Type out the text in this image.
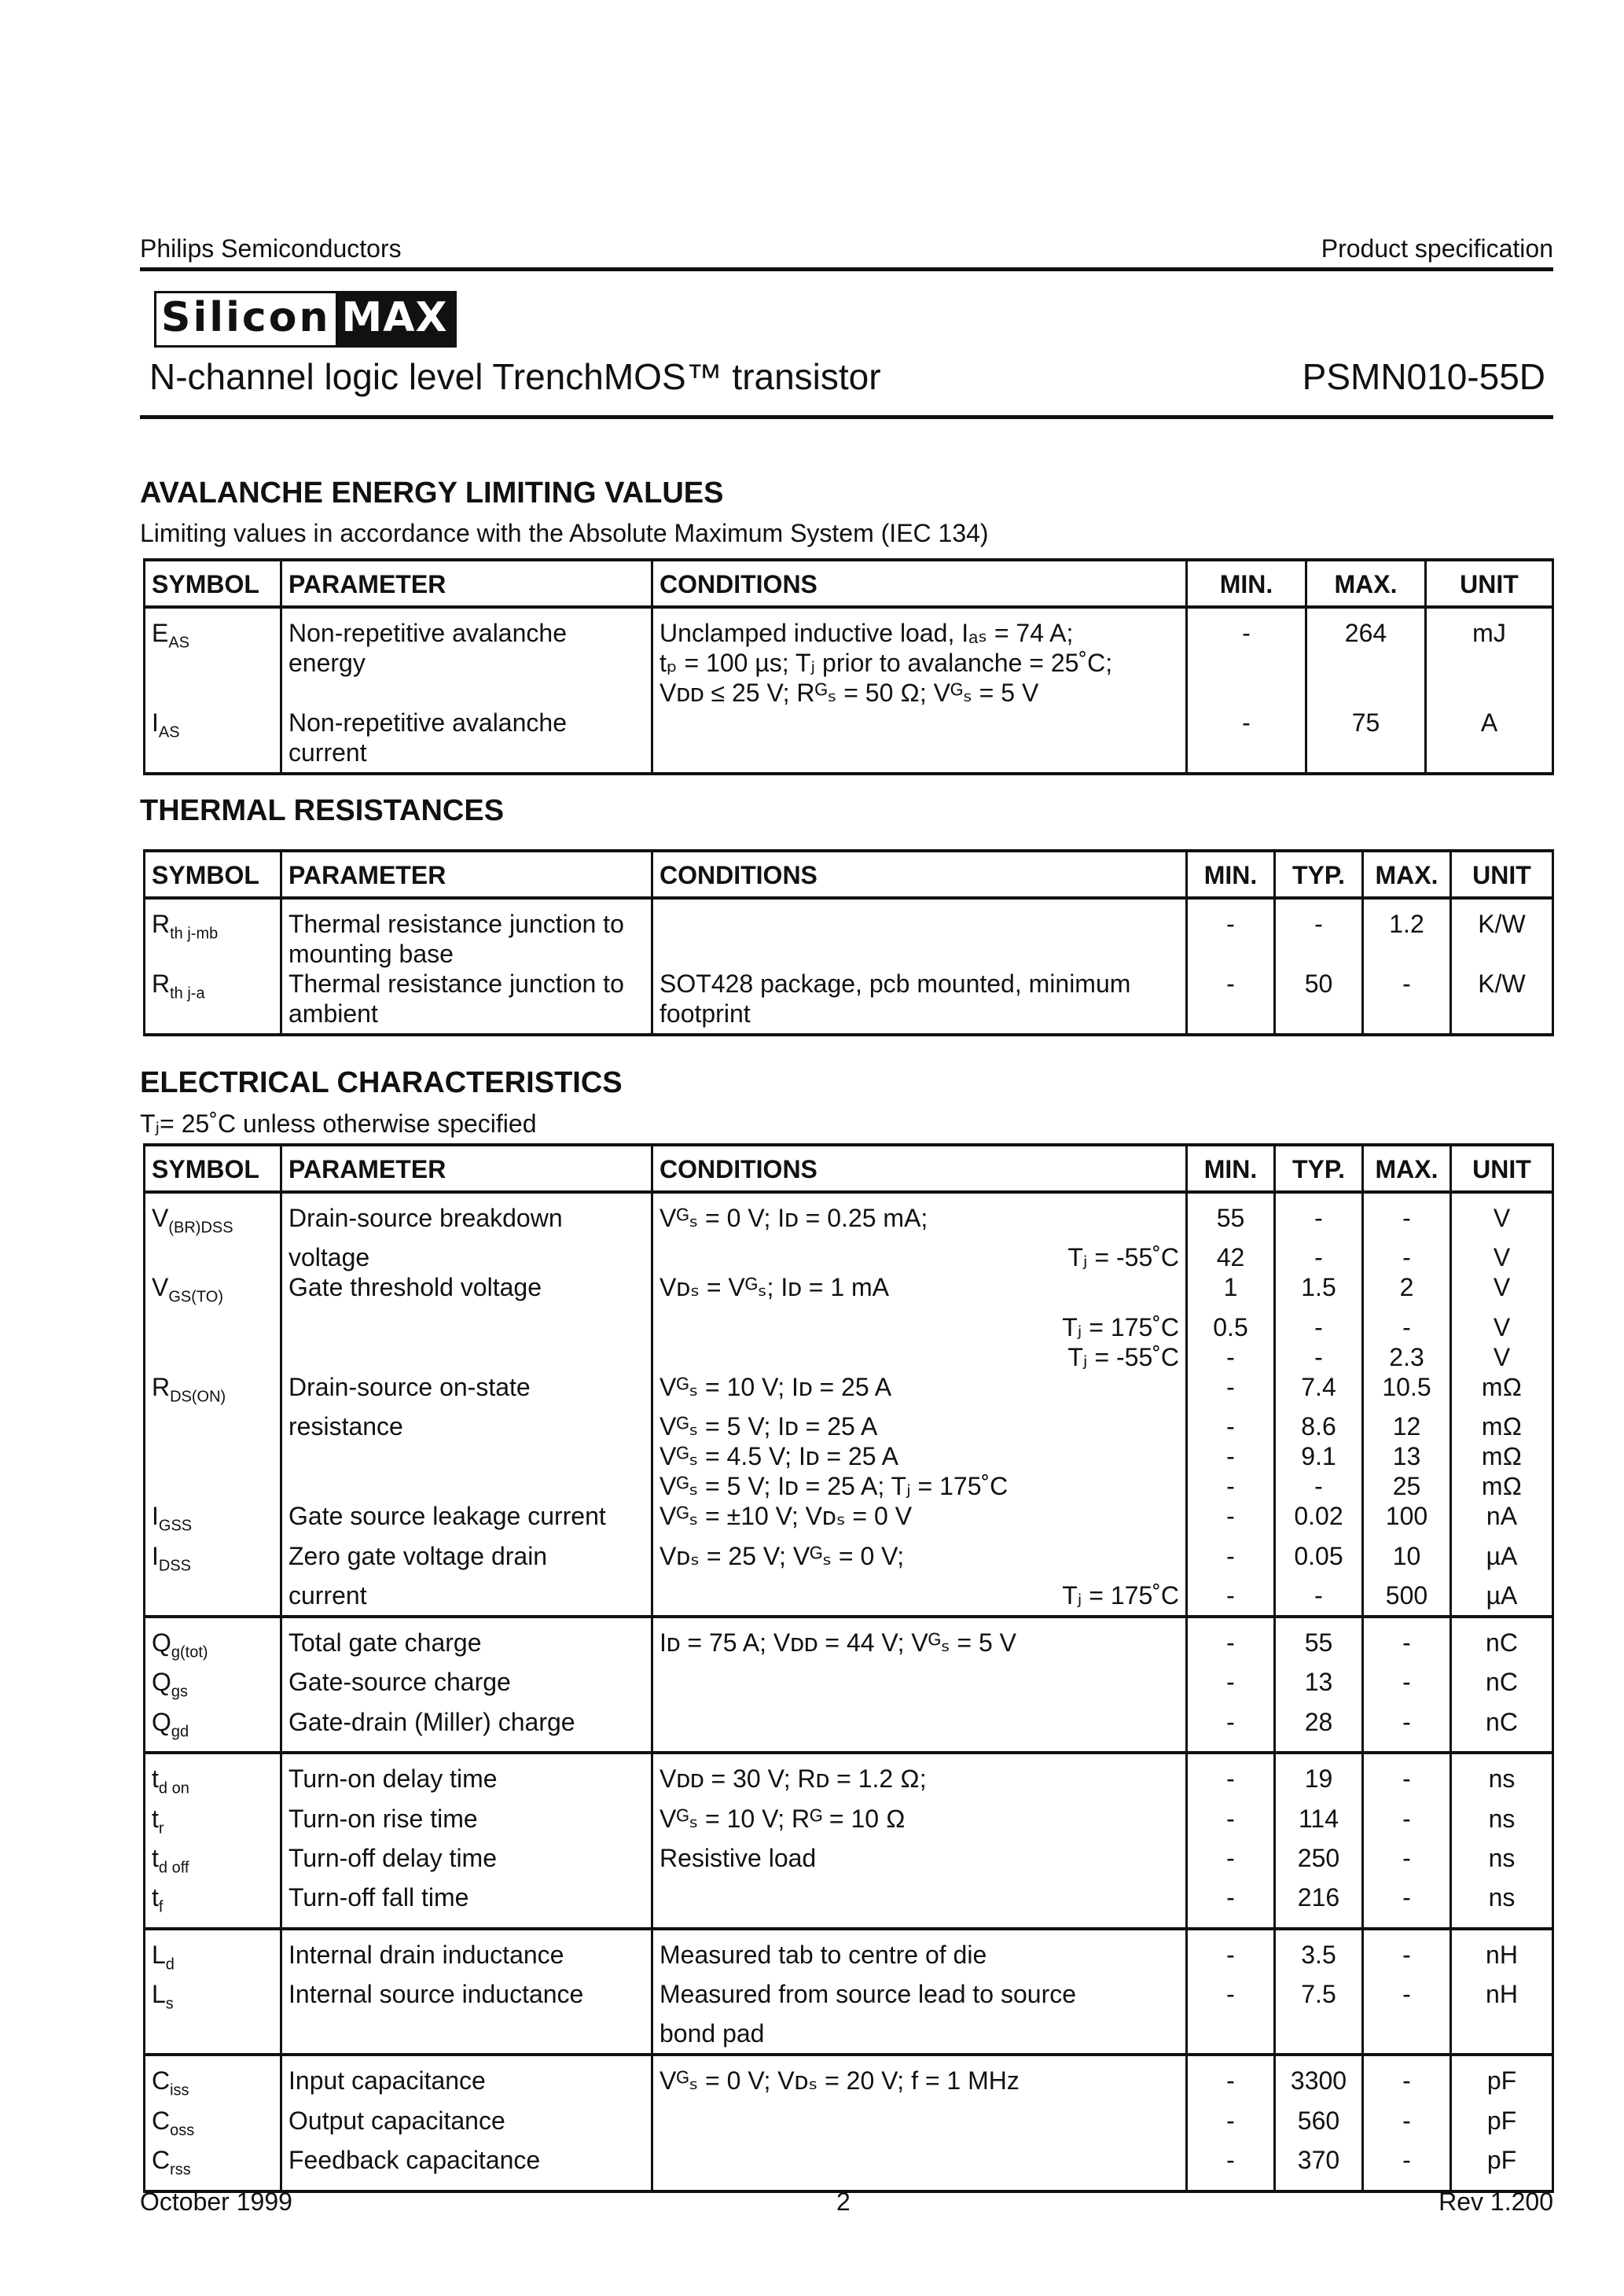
Philips Semiconductors	Product specification
Silicon MAX
N-channel logic level TrenchMOS™ transistor	PSMN010-55D
AVALANCHE ENERGY LIMITING VALUES
Limiting values in accordance with the Absolute Maximum System (IEC 134)
SYMBOL	PARAMETER	CONDITIONS	MIN.	MAX.	UNIT
$E_{AS}$	Non-repetitive avalanche energy	Unclamped inductive load, Iₐₛ = 74 A;
tₚ = 100 µs; Tⱼ prior to avalanche = 25˚C;
Vᴅᴅ ≤ 25 V; Rᴳₛ = 50 Ω; Vᴳₛ = 5 V	-	264	mJ
$I_{AS}$	Non-repetitive avalanche current		-	75	A
THERMAL RESISTANCES
SYMBOL	PARAMETER	CONDITIONS	MIN.	TYP.	MAX.	UNIT
$R_{th j-mb}$	Thermal resistance junction to mounting base		-	-	1.2	K/W
$R_{th j-a}$	Thermal resistance junction to ambient	SOT428 package, pcb mounted, minimum footprint	-	50	-	K/W
ELECTRICAL CHARACTERISTICS
Tⱼ= 25˚C unless otherwise specified
SYMBOL	PARAMETER	CONDITIONS	MIN.	TYP.	MAX.	UNIT
$V_{(BR)DSS}$	Drain-source breakdown	Vᴳₛ = 0 V; Iᴅ = 0.25 mA;	55	-	-	V
	voltage	Tⱼ = -55˚C	42	-	-	V
$V_{GS(TO)}$	Gate threshold voltage	Vᴅₛ = Vᴳₛ; Iᴅ = 1 mA	1	1.5	2	V

		Tⱼ = 175˚C	0.5	-	-	V

		Tⱼ = -55˚C	-	-	2.3	V
$R_{DS(ON)}$	Drain-source on-state	Vᴳₛ = 10 V; Iᴅ = 25 A	-	7.4	10.5	mΩ
	resistance	Vᴳₛ = 5 V; Iᴅ = 25 A	-	8.6	12	mΩ

		Vᴳₛ = 4.5 V; Iᴅ = 25 A	-	9.1	13	mΩ

		Vᴳₛ = 5 V; Iᴅ = 25 A; Tⱼ = 175˚C	-	-	25	mΩ
$I_{GSS}$	Gate source leakage current	Vᴳₛ = ±10 V; Vᴅₛ = 0 V	-	0.02	100	nA
$I_{DSS}$	Zero gate voltage drain	Vᴅₛ = 25 V; Vᴳₛ = 0 V;	-	0.05	10	µA
	current	Tⱼ = 175˚C	-	-	500	µA
$Q_{g(tot)}$	Total gate charge	Iᴅ = 75 A; Vᴅᴅ = 44 V; Vᴳₛ = 5 V	-	55	-	nC
$Q_{gs}$	Gate-source charge		-	13	-	nC
$Q_{gd}$	Gate-drain (Miller) charge		-	28	-	nC
$t_{d on}$	Turn-on delay time	Vᴅᴅ = 30 V; Rᴅ = 1.2 Ω;	-	19	-	ns
$t_r$	Turn-on rise time	Vᴳₛ = 10 V; Rᴳ = 10 Ω	-	114	-	ns
$t_{d off}$	Turn-off delay time	Resistive load	-	250	-	ns
$t_f$	Turn-off fall time		-	216	-	ns
$L_d$	Internal drain inductance	Measured tab to centre of die	-	3.5	-	nH
$L_s$	Internal source inductance	Measured from source lead to source	-	7.5	-	nH

		bond pad				

$C_{iss}$	Input capacitance	Vᴳₛ = 0 V; Vᴅₛ = 20 V; f = 1 MHz	-	3300	-	pF
$C_{oss}$	Output capacitance		-	560	-	pF
$C_{rss}$	Feedback capacitance		-	370	-	pF
October 1999	2	Rev 1.200
